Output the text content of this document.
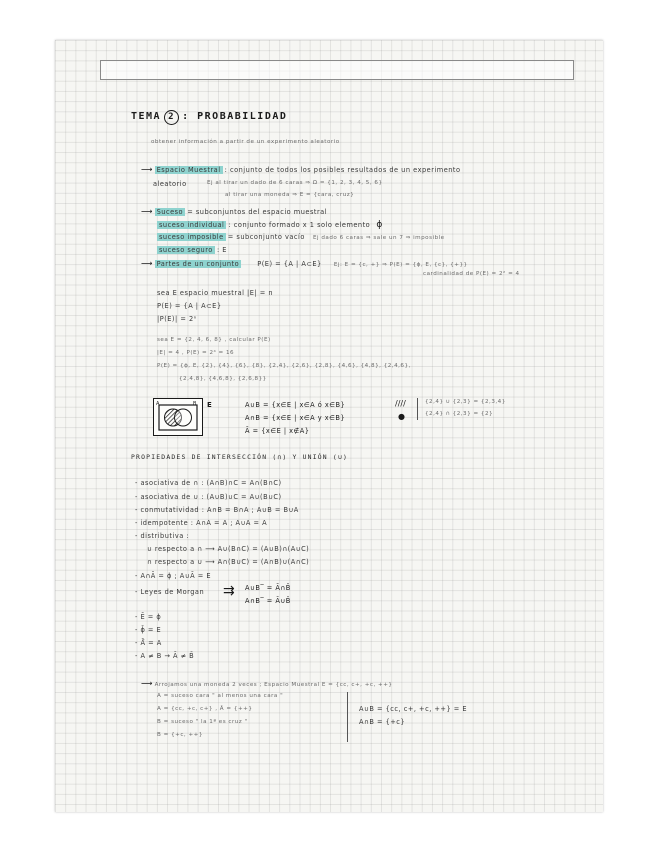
TEMA 2 : PROBABILIDAD
obtener información a partir de un experimento aleatorio
⟶ Espacio Muestral : conjunto de todos los posibles resultados de un experimento
aleatorio	Ej al tirar un dado de 6 caras ⇒ Ω = {1, 2, 3, 4, 5, 6}
al tirar una moneda ⇒ E = {cara, cruz}
⟶ Suceso = subconjuntos del espacio muestral
suceso individual : conjunto formado x 1 solo elemento ϕ
suceso imposible = subconjunto vacío Ej dado 6 caras ⇒ sale un 7 ⇒ imposible
suceso seguro : E
⟶ Partes de un conjunto	P(E) = {A | A⊂E} Ej: E = {c, +} ⇒ P(E) = {ϕ, E, {c}, {+}}
cardinalidad de P(E) = 2² = 4
sea E espacio muestral |E| = n
P(E) = {A | A⊂E}
|P(E)| = 2ⁿ
sea E = {2, 4, 6, 8} , calcular P(E)
|E| = 4 , P(E) = 2⁴ = 16
P(E) = {ϕ, E, {2}, {4}, {6}, {8}, {2,4}, {2,6}, {2,8}, {4,6}, {4,8}, {2,4,6},
{2,4,8}, {4,6,8}, {2,6,8}}
A	B E	A∪B = {x∈E | x∈A ó x∈B}	////
A∩B = {x∈E | x∈A y x∈B}	●
Ā = {x∈E | x∉A}
{2,4} ∪ {2,3} = {2,3,4}
{2,4} ∩ {2,3} = {2}
PROPIEDADES DE INTERSECCIÓN (∩) Y UNIÓN (∪)
- asociativa de ∩ : (A∩B)∩C = A∩(B∩C)
- asociativa de ∪ : (A∪B)∪C = A∪(B∪C)
- conmutatividad : A∩B = B∩A ; A∪B = B∪A
- idempotente : A∩A = A ; A∪A = A
- distributiva :
∪ respecto a ∩ ⟶ A∪(B∩C) = (A∪B)∩(A∪C)
∩ respecto a ∪ ⟶ A∩(B∪C) = (A∩B)∪(A∩C)
- A∩Ā = ϕ ; A∪Ā = E
- Leyes de Morgan ⇉ A∪B‾ = Ā∩B̄
A∩B‾ = Ā∪B̄
- Ē = ϕ
- ϕ̄ = E
- Ā̄ = A
- A ≠ B → Ā ≠ B̄
⟶ Arrojamos una moneda 2 veces ; Espacio Muestral E = {cc, c+, +c, ++}
A = suceso cara " al menos una cara "
A = {cc, +c, c+} , Ā = {++}
B = suceso " la 1ª es cruz "
B = {+c, ++}
A∪B = {cc, c+, +c, ++} = E
A∩B = {+c}
